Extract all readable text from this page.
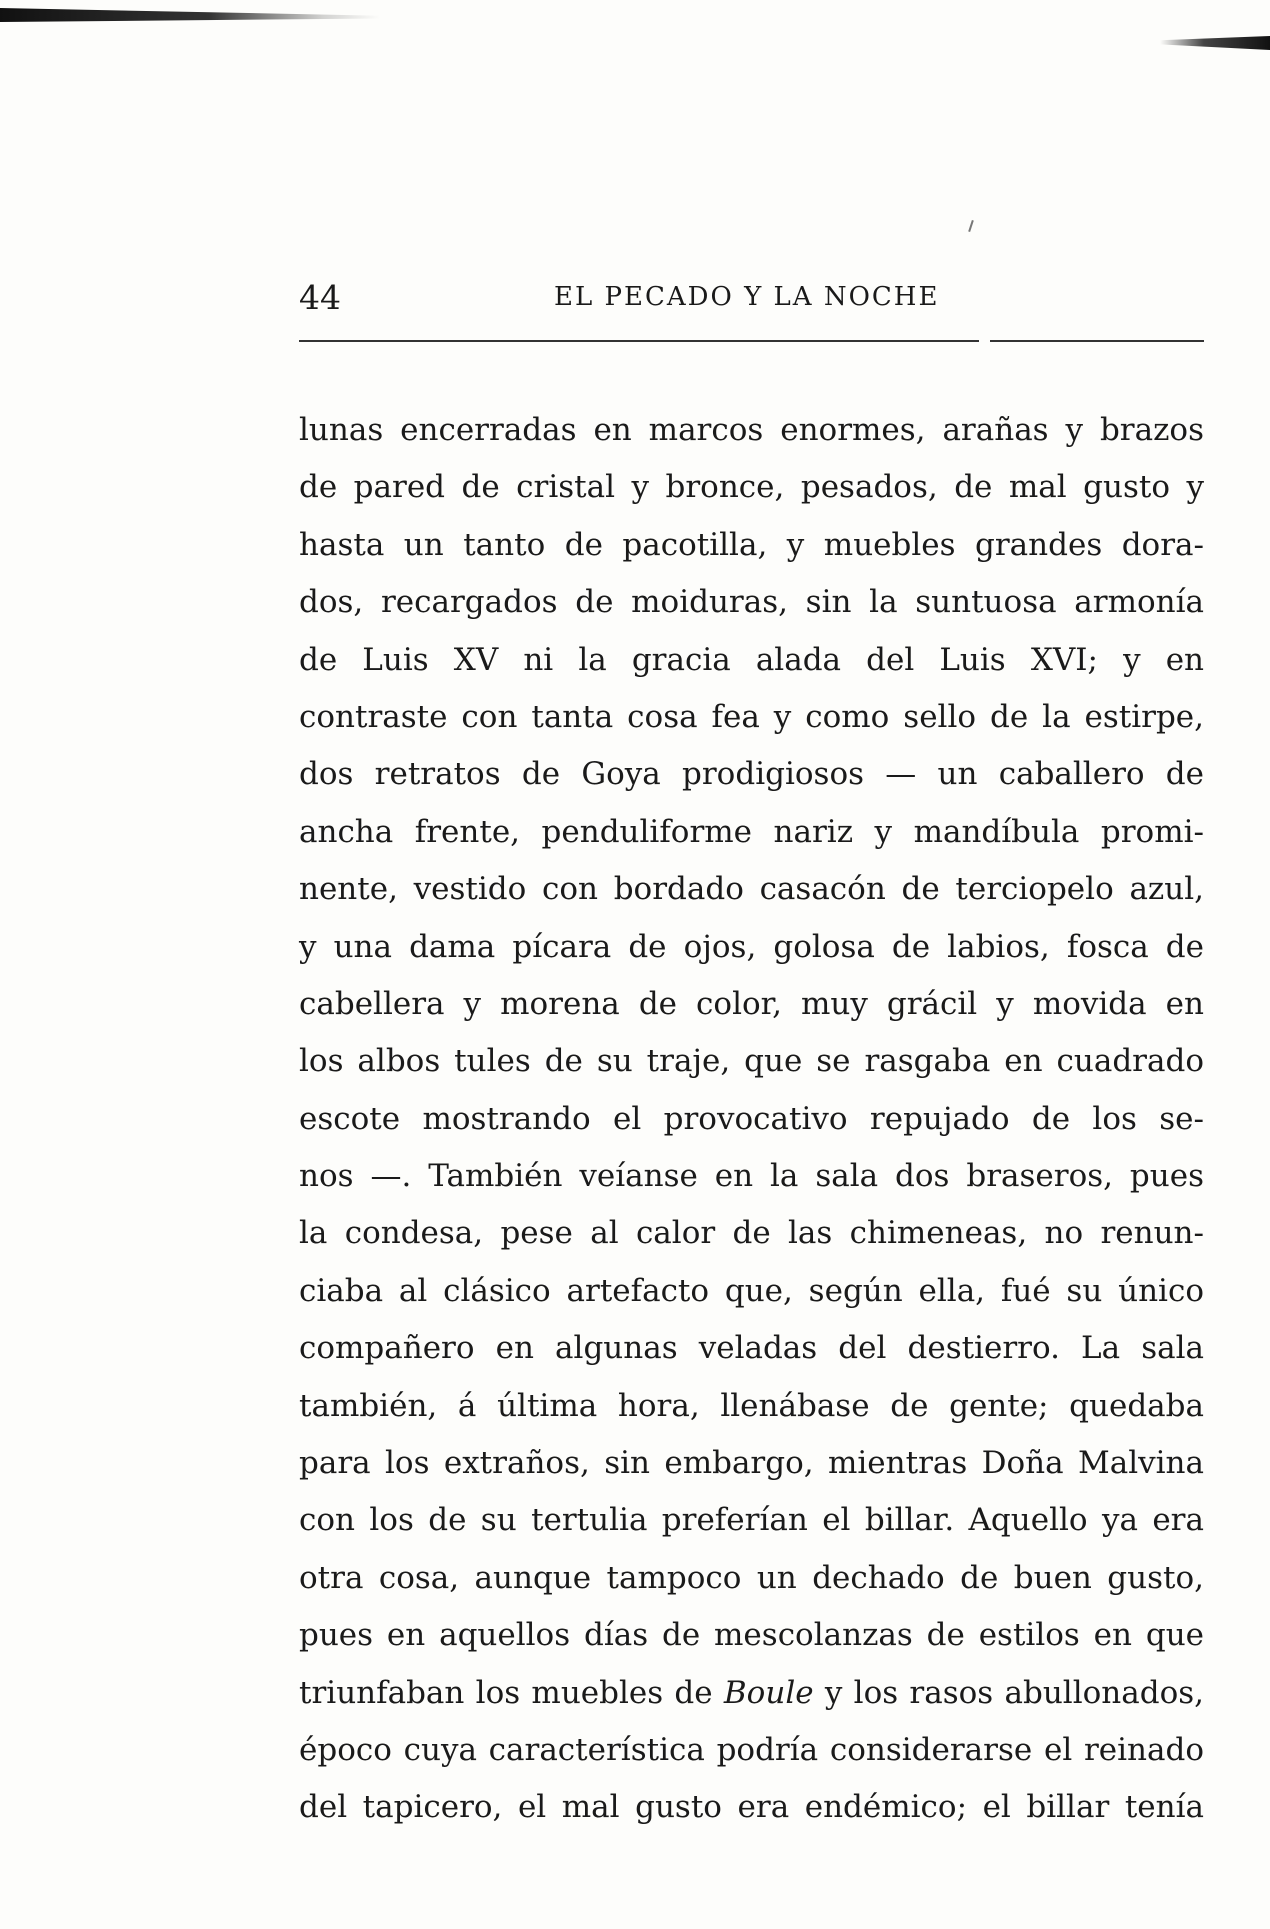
44	EL PECADO Y LA NOCHE
lunas encerradas en marcos enormes, arañas y brazos
de pared de cristal y bronce, pesados, de mal gusto y
hasta un tanto de pacotilla, y muebles grandes dora-
dos, recargados de moiduras, sin la suntuosa armonía
de Luis XV ni la gracia alada del Luis XVI; y en
contraste con tanta cosa fea y como sello de la estirpe,
dos retratos de Goya prodigiosos — un caballero de
ancha frente, penduliforme nariz y mandíbula promi-
nente, vestido con bordado casacón de terciopelo azul,
y una dama pícara de ojos, golosa de labios, fosca de
cabellera y morena de color, muy grácil y movida en
los albos tules de su traje, que se rasgaba en cuadrado
escote mostrando el provocativo repujado de los se-
nos —. También veíanse en la sala dos braseros, pues
la condesa, pese al calor de las chimeneas, no renun-
ciaba al clásico artefacto que, según ella, fué su único
compañero en algunas veladas del destierro. La sala
también, á última hora, llenábase de gente; quedaba
para los extraños, sin embargo, mientras Doña Malvina
con los de su tertulia preferían el billar. Aquello ya era
otra cosa, aunque tampoco un dechado de buen gusto,
pues en aquellos días de mescolanzas de estilos en que
triunfaban los muebles de Boule y los rasos abullonados,
époco cuya característica podría considerarse el reinado
del tapicero, el mal gusto era endémico; el billar tenía
